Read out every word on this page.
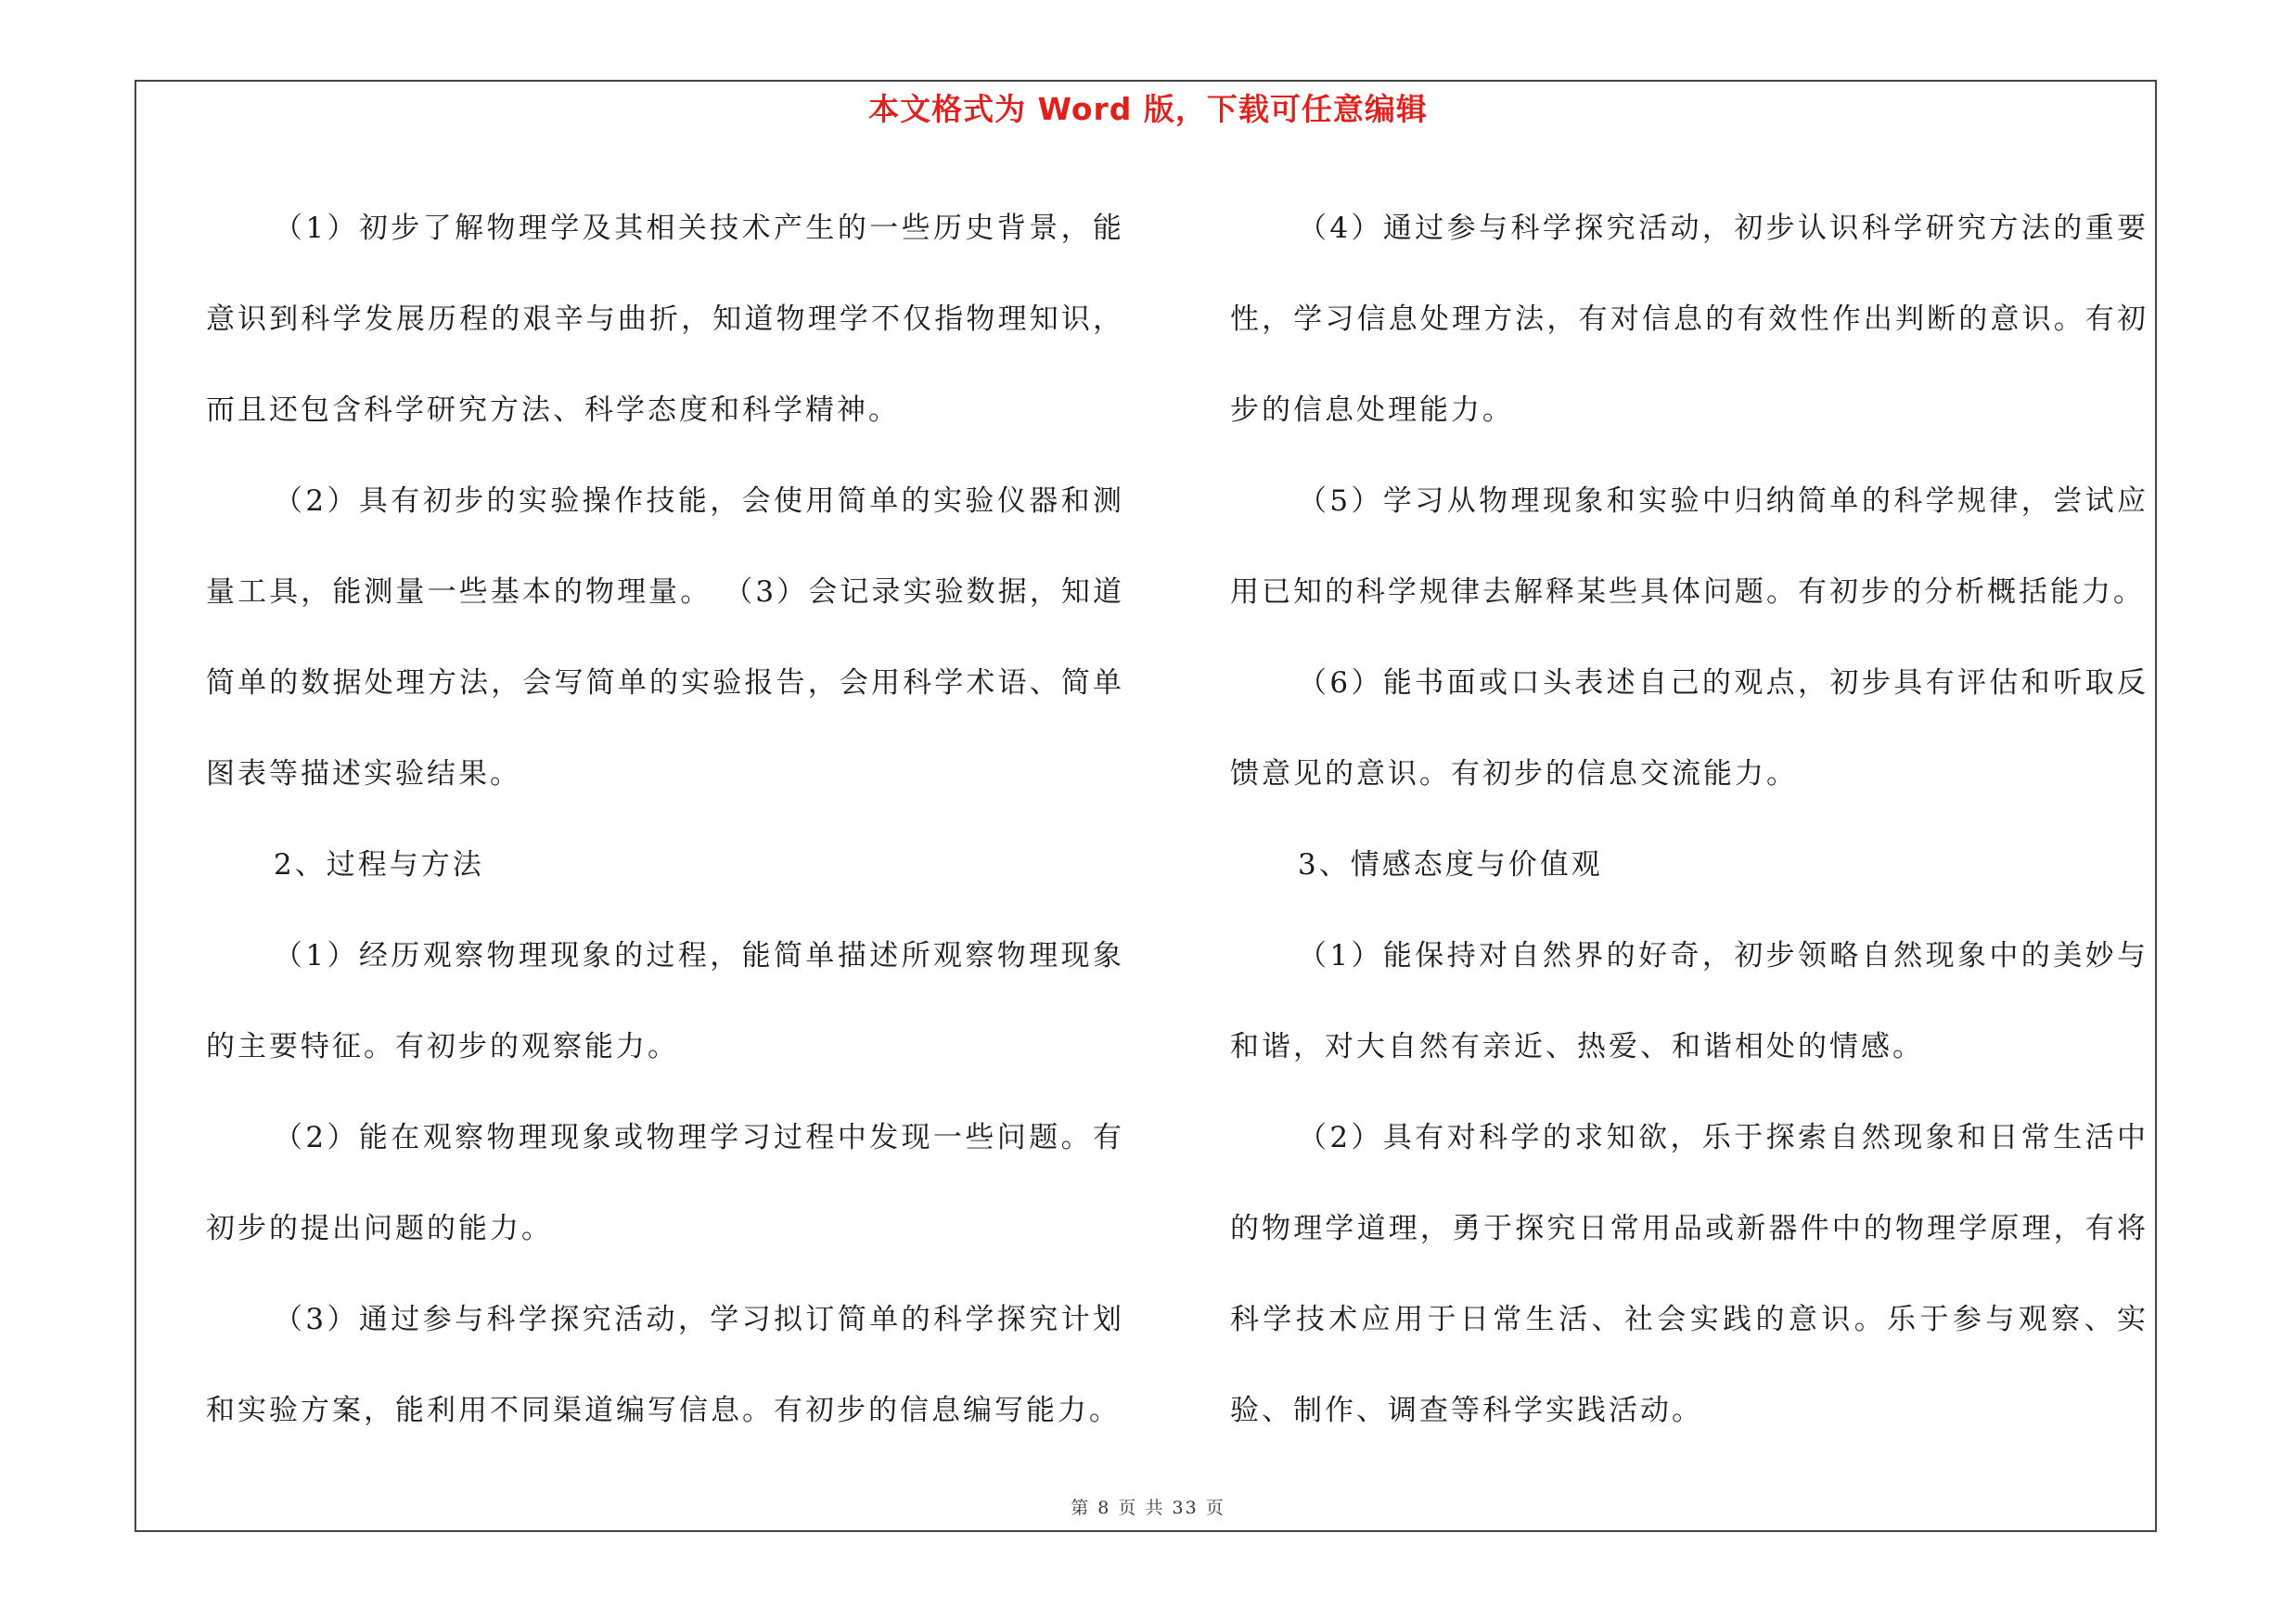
本文格式为 Word 版，下载可任意编辑

（1）初步了解物理学及其相关技术产生的一些历史背景，能意识到科学发展历程的艰辛与曲折，知道物理学不仅指物理知识，而且还包含科学研究方法、科学态度和科学精神。

（2）具有初步的实验操作技能，会使用简单的实验仪器和测量工具，能测量一些基本的物理量。 （3）会记录实验数据，知道简单的数据处理方法，会写简单的实验报告，会用科学术语、简单图表等描述实验结果。

2、过程与方法

（1）经历观察物理现象的过程，能简单描述所观察物理现象的主要特征。有初步的观察能力。

（2）能在观察物理现象或物理学习过程中发现一些问题。有初步的提出问题的能力。

（3）通过参与科学探究活动，学习拟订简单的科学探究计划和实验方案，能利用不同渠道编写信息。有初步的信息编写能力。

（4）通过参与科学探究活动，初步认识科学研究方法的重要性，学习信息处理方法，有对信息的有效性作出判断的意识。有初步的信息处理能力。

（5）学习从物理现象和实验中归纳简单的科学规律，尝试应用已知的科学规律去解释某些具体问题。有初步的分析概括能力。

（6）能书面或口头表述自己的观点，初步具有评估和听取反馈意见的意识。有初步的信息交流能力。

3、情感态度与价值观

（1）能保持对自然界的好奇，初步领略自然现象中的美妙与和谐，对大自然有亲近、热爱、和谐相处的情感。

（2）具有对科学的求知欲，乐于探索自然现象和日常生活中的物理学道理，勇于探究日常用品或新器件中的物理学原理，有将科学技术应用于日常生活、社会实践的意识。乐于参与观察、实验、制作、调查等科学实践活动。

第 8 页 共 33 页
